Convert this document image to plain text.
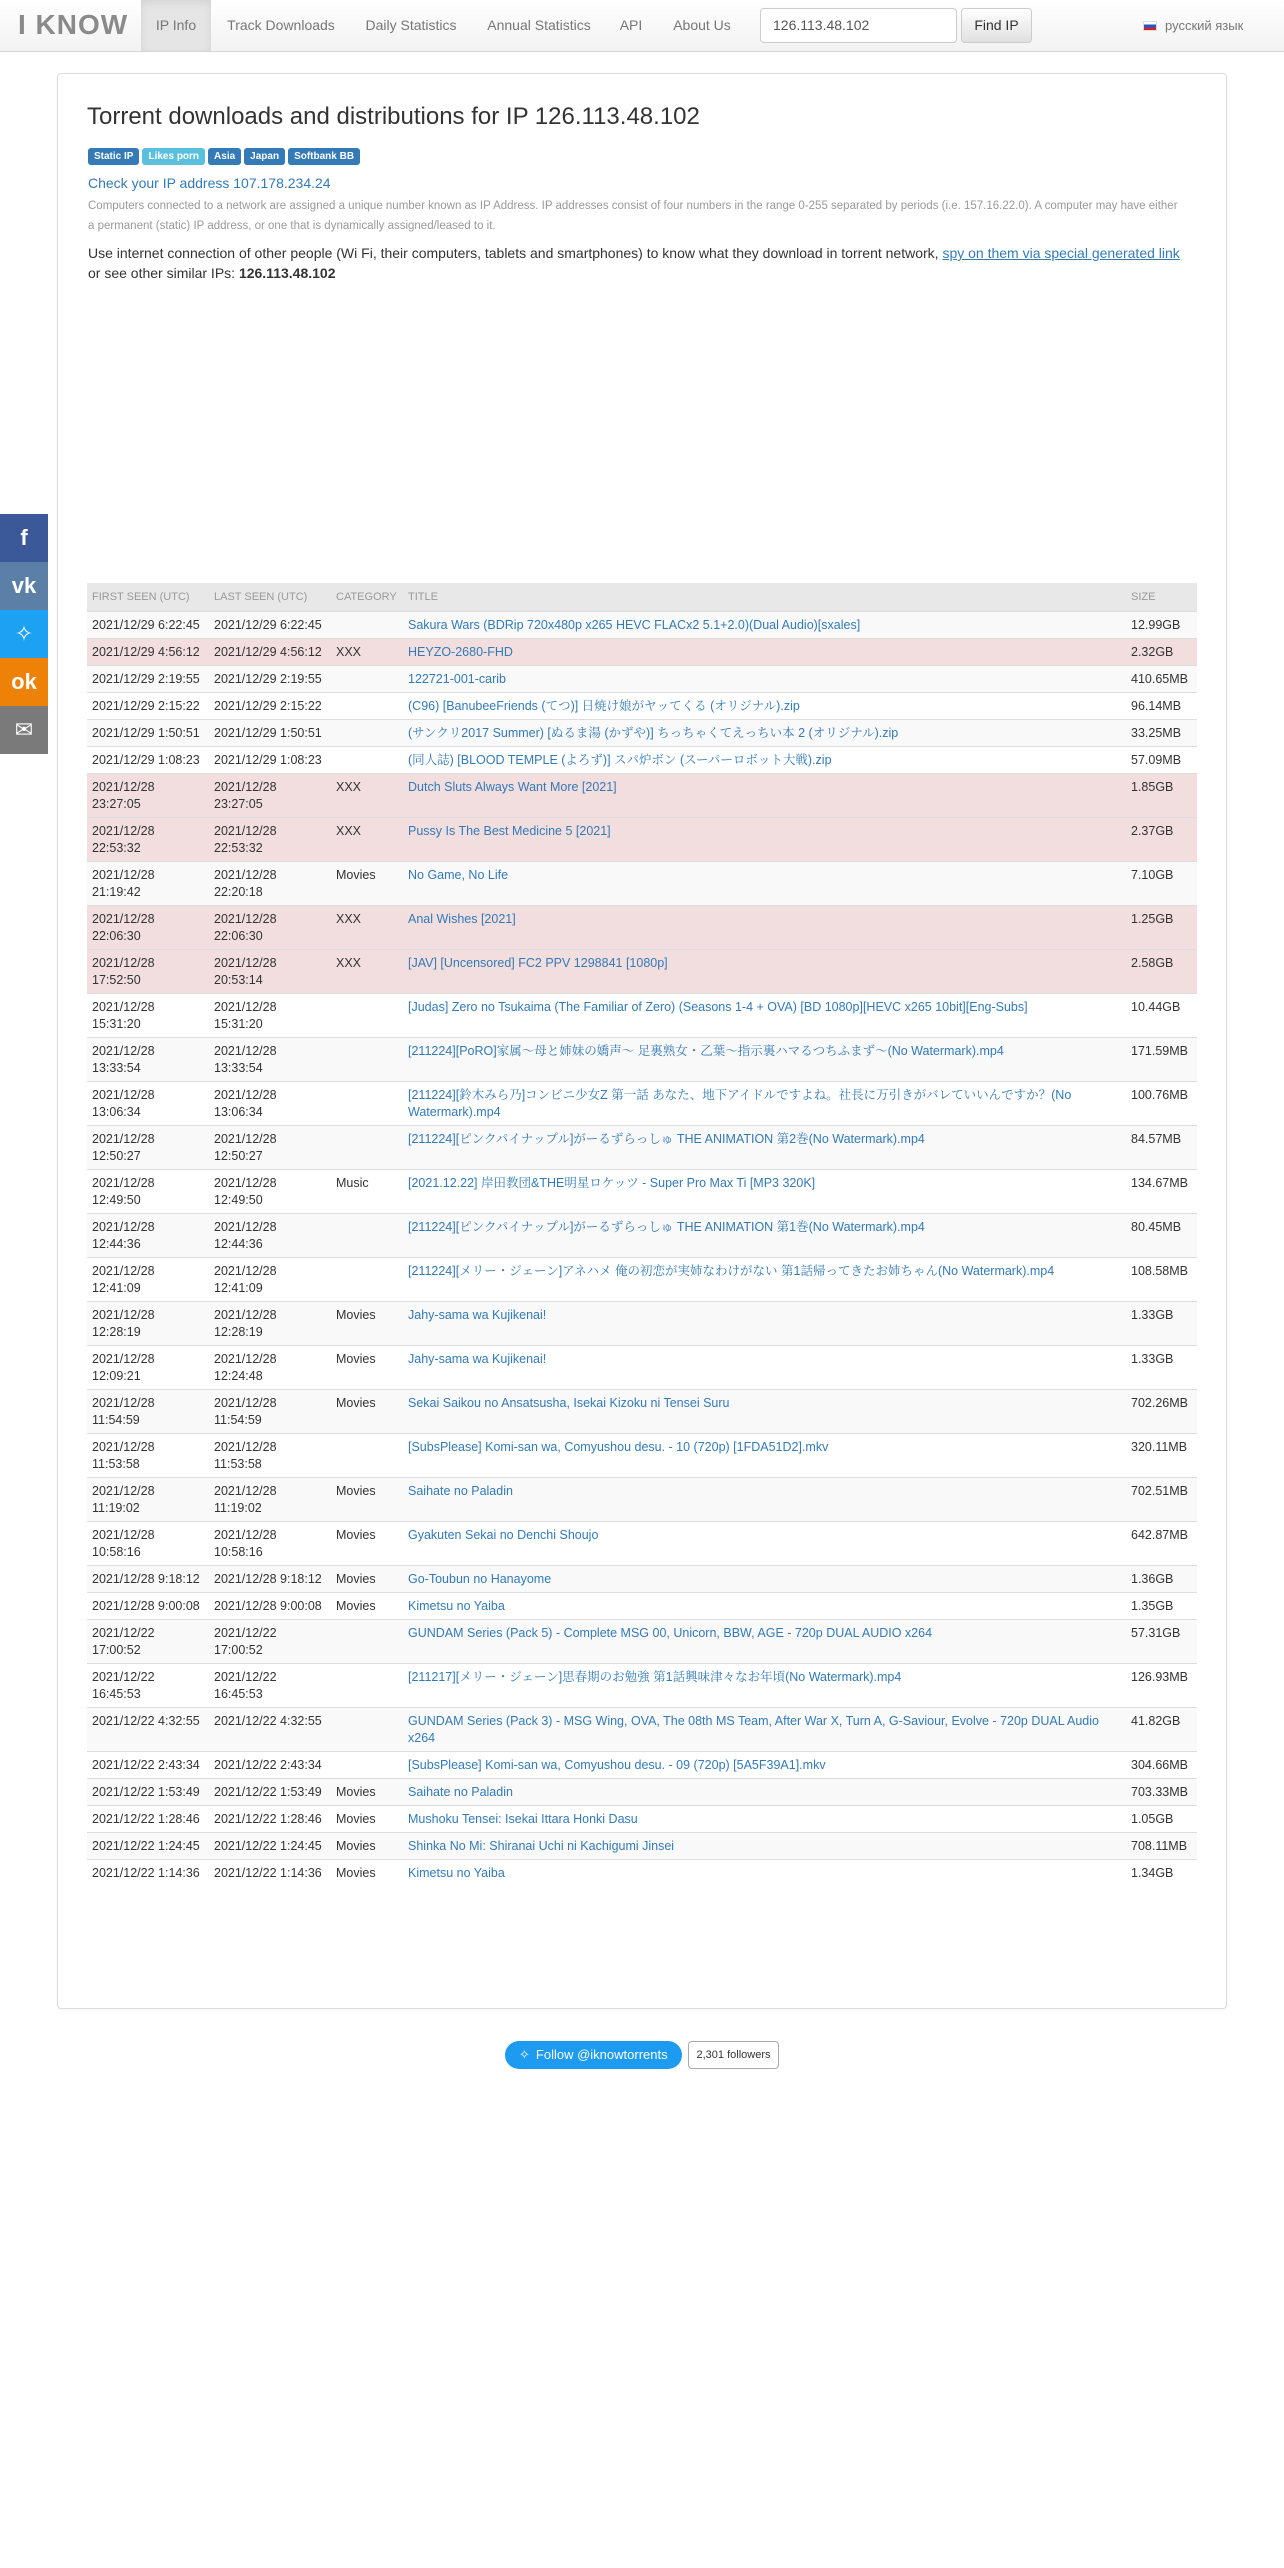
I KNOW	IP Info	Track Downloads	Daily Statistics	Annual Statistics	API	About Us	126.113.48.102	Find IP	русский язык
f
vk
✧
ok
✉
Torrent downloads and distributions for IP 126.113.48.102
Static IP Likes porn Asia Japan Softbank BB
Check your IP address 107.178.234.24
Computers connected to a network are assigned a unique number known as IP Address. IP addresses consist of four numbers in the range 0-255 separated by periods (i.e. 157.16.22.0). A computer may have either a permanent (static) IP address, or one that is dynamically assigned/leased to it.
Use internet connection of other people (Wi Fi, their computers, tablets and smartphones) to know what they download in torrent network, spy on them via special generated link or see other similar IPs: 126.113.48.102
FIRST SEEN (UTC)	LAST SEEN (UTC)	CATEGORY	TITLE	SIZE
2021/12/29 6:22:45	2021/12/29 6:22:45		Sakura Wars (BDRip 720x480p x265 HEVC FLACx2 5.1+2.0)(Dual Audio)[sxales]	12.99GB
2021/12/29 4:56:12	2021/12/29 4:56:12	XXX	HEYZO-2680-FHD	2.32GB
2021/12/29 2:19:55	2021/12/29 2:19:55		122721-001-carib	410.65MB
2021/12/29 2:15:22	2021/12/29 2:15:22		(C96) [BanubeeFriends (てつ)] 日焼け娘がヤッてくる (オリジナル).zip	96.14MB
2021/12/29 1:50:51	2021/12/29 1:50:51		(サンクリ2017 Summer) [ぬるま湯 (かずや)] ちっちゃくてえっちい本 2 (オリジナル).zip	33.25MB
2021/12/29 1:08:23	2021/12/29 1:08:23		(同人誌) [BLOOD TEMPLE (よろず)] スパ炉ボン (スーパーロボット大戦).zip	57.09MB
2021/12/28 23:27:05	2021/12/28 23:27:05	XXX	Dutch Sluts Always Want More [2021]	1.85GB
2021/12/28 22:53:32	2021/12/28 22:53:32	XXX	Pussy Is The Best Medicine 5 [2021]	2.37GB
2021/12/28 21:19:42	2021/12/28 22:20:18	Movies	No Game, No Life	7.10GB
2021/12/28 22:06:30	2021/12/28 22:06:30	XXX	Anal Wishes [2021]	1.25GB
2021/12/28 17:52:50	2021/12/28 20:53:14	XXX	[JAV] [Uncensored] FC2 PPV 1298841 [1080p]	2.58GB
2021/12/28 15:31:20	2021/12/28 15:31:20		[Judas] Zero no Tsukaima (The Familiar of Zero) (Seasons 1-4 + OVA) [BD 1080p][HEVC x265 10bit][Eng-Subs]	10.44GB
2021/12/28 13:33:54	2021/12/28 13:33:54		[211224][PoRO]家属～母と姉妹の嬌声～ 足裏熟女・乙葉～指示裏ハマるつちふまず～(No Watermark).mp4	171.59MB
2021/12/28 13:06:34	2021/12/28 13:06:34		[211224][鈴木みら乃]コンビニ少女Z 第一話 あなた、地下アイドルですよね。社長に万引きがバレていいんですか？(No Watermark).mp4	100.76MB
2021/12/28 12:50:27	2021/12/28 12:50:27		[211224][ピンクパイナップル]がーるずらっしゅ THE ANIMATION 第2巻(No Watermark).mp4	84.57MB
2021/12/28 12:49:50	2021/12/28 12:49:50	Music	[2021.12.22] 岸田教団&THE明星ロケッツ - Super Pro Max Ti [MP3 320K]	134.67MB
2021/12/28 12:44:36	2021/12/28 12:44:36		[211224][ピンクパイナップル]がーるずらっしゅ THE ANIMATION 第1巻(No Watermark).mp4	80.45MB
2021/12/28 12:41:09	2021/12/28 12:41:09		[211224][メリー・ジェーン]アネハメ 俺の初恋が実姉なわけがない 第1話帰ってきたお姉ちゃん(No Watermark).mp4	108.58MB
2021/12/28 12:28:19	2021/12/28 12:28:19	Movies	Jahy-sama wa Kujikenai!	1.33GB
2021/12/28 12:09:21	2021/12/28 12:24:48	Movies	Jahy-sama wa Kujikenai!	1.33GB
2021/12/28 11:54:59	2021/12/28 11:54:59	Movies	Sekai Saikou no Ansatsusha, Isekai Kizoku ni Tensei Suru	702.26MB
2021/12/28 11:53:58	2021/12/28 11:53:58		[SubsPlease] Komi-san wa, Comyushou desu. - 10 (720p) [1FDA51D2].mkv	320.11MB
2021/12/28 11:19:02	2021/12/28 11:19:02	Movies	Saihate no Paladin	702.51MB
2021/12/28 10:58:16	2021/12/28 10:58:16	Movies	Gyakuten Sekai no Denchi Shoujo	642.87MB
2021/12/28 9:18:12	2021/12/28 9:18:12	Movies	Go-Toubun no Hanayome	1.36GB
2021/12/28 9:00:08	2021/12/28 9:00:08	Movies	Kimetsu no Yaiba	1.35GB
2021/12/22 17:00:52	2021/12/22 17:00:52		GUNDAM Series (Pack 5) - Complete MSG 00, Unicorn, BBW, AGE - 720p DUAL AUDIO x264	57.31GB
2021/12/22 16:45:53	2021/12/22 16:45:53		[211217][メリー・ジェーン]思春期のお勉強 第1話興味津々なお年頃(No Watermark).mp4	126.93MB
2021/12/22 4:32:55	2021/12/22 4:32:55		GUNDAM Series (Pack 3) - MSG Wing, OVA, The 08th MS Team, After War X, Turn A, G-Saviour, Evolve - 720p DUAL Audio x264	41.82GB
2021/12/22 2:43:34	2021/12/22 2:43:34		[SubsPlease] Komi-san wa, Comyushou desu. - 09 (720p) [5A5F39A1].mkv	304.66MB
2021/12/22 1:53:49	2021/12/22 1:53:49	Movies	Saihate no Paladin	703.33MB
2021/12/22 1:28:46	2021/12/22 1:28:46	Movies	Mushoku Tensei: Isekai Ittara Honki Dasu	1.05GB
2021/12/22 1:24:45	2021/12/22 1:24:45	Movies	Shinka No Mi: Shiranai Uchi ni Kachigumi Jinsei	708.11MB
2021/12/22 1:14:36	2021/12/22 1:14:36	Movies	Kimetsu no Yaiba	1.34GB
✧ Follow @iknowtorrents	2,301 followers
